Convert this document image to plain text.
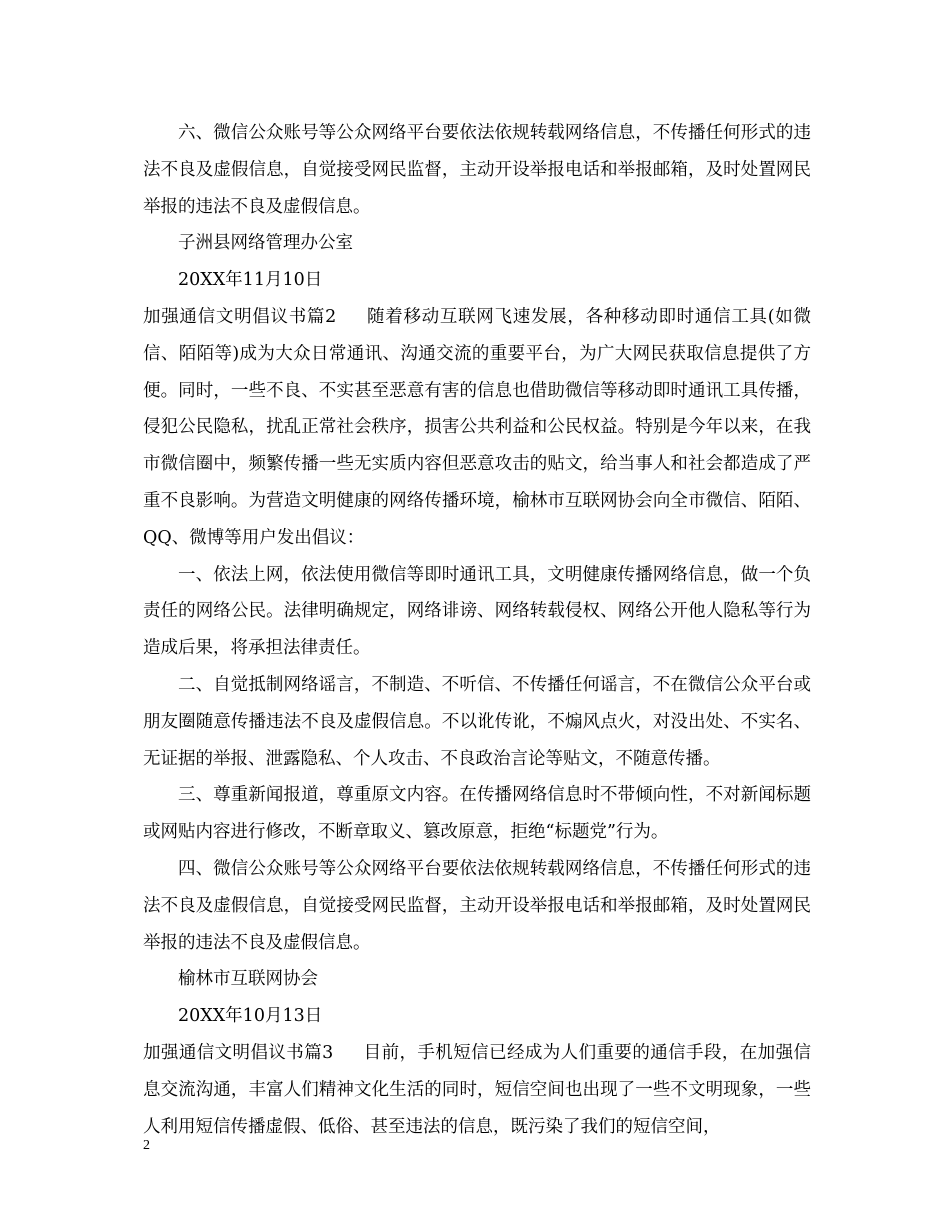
六、微信公众账号等公众网络平台要依法依规转载网络信息，不传播任何形式的违法不良及虚假信息，自觉接受网民监督，主动开设举报电话和举报邮箱，及时处置网民举报的违法不良及虚假信息。

子洲县网络管理办公室

20XX年11月10日

加强通信文明倡议书篇2 随着移动互联网飞速发展，各种移动即时通信工具(如微信、陌陌等)成为大众日常通讯、沟通交流的重要平台，为广大网民获取信息提供了方便。同时，一些不良、不实甚至恶意有害的信息也借助微信等移动即时通讯工具传播，侵犯公民隐私，扰乱正常社会秩序，损害公共利益和公民权益。特别是今年以来，在我市微信圈中，频繁传播一些无实质内容但恶意攻击的贴文，给当事人和社会都造成了严重不良影响。为营造文明健康的网络传播环境，榆林市互联网协会向全市微信、陌陌、QQ、微博等用户发出倡议：

一、依法上网，依法使用微信等即时通讯工具，文明健康传播网络信息，做一个负责任的网络公民。法律明确规定，网络诽谤、网络转载侵权、网络公开他人隐私等行为造成后果，将承担法律责任。

二、自觉抵制网络谣言，不制造、不听信、不传播任何谣言，不在微信公众平台或朋友圈随意传播违法不良及虚假信息。不以讹传讹，不煽风点火，对没出处、不实名、无证据的举报、泄露隐私、个人攻击、不良政治言论等贴文，不随意传播。

三、尊重新闻报道，尊重原文内容。在传播网络信息时不带倾向性，不对新闻标题或网贴内容进行修改，不断章取义、篡改原意，拒绝“标题党”行为。

四、微信公众账号等公众网络平台要依法依规转载网络信息，不传播任何形式的违法不良及虚假信息，自觉接受网民监督，主动开设举报电话和举报邮箱，及时处置网民举报的违法不良及虚假信息。

榆林市互联网协会

20XX年10月13日

加强通信文明倡议书篇3 目前，手机短信已经成为人们重要的通信手段，在加强信息交流沟通，丰富人们精神文化生活的同时，短信空间也出现了一些不文明现象，一些人利用短信传播虚假、低俗、甚至违法的信息，既污染了我们的短信空间，

2
